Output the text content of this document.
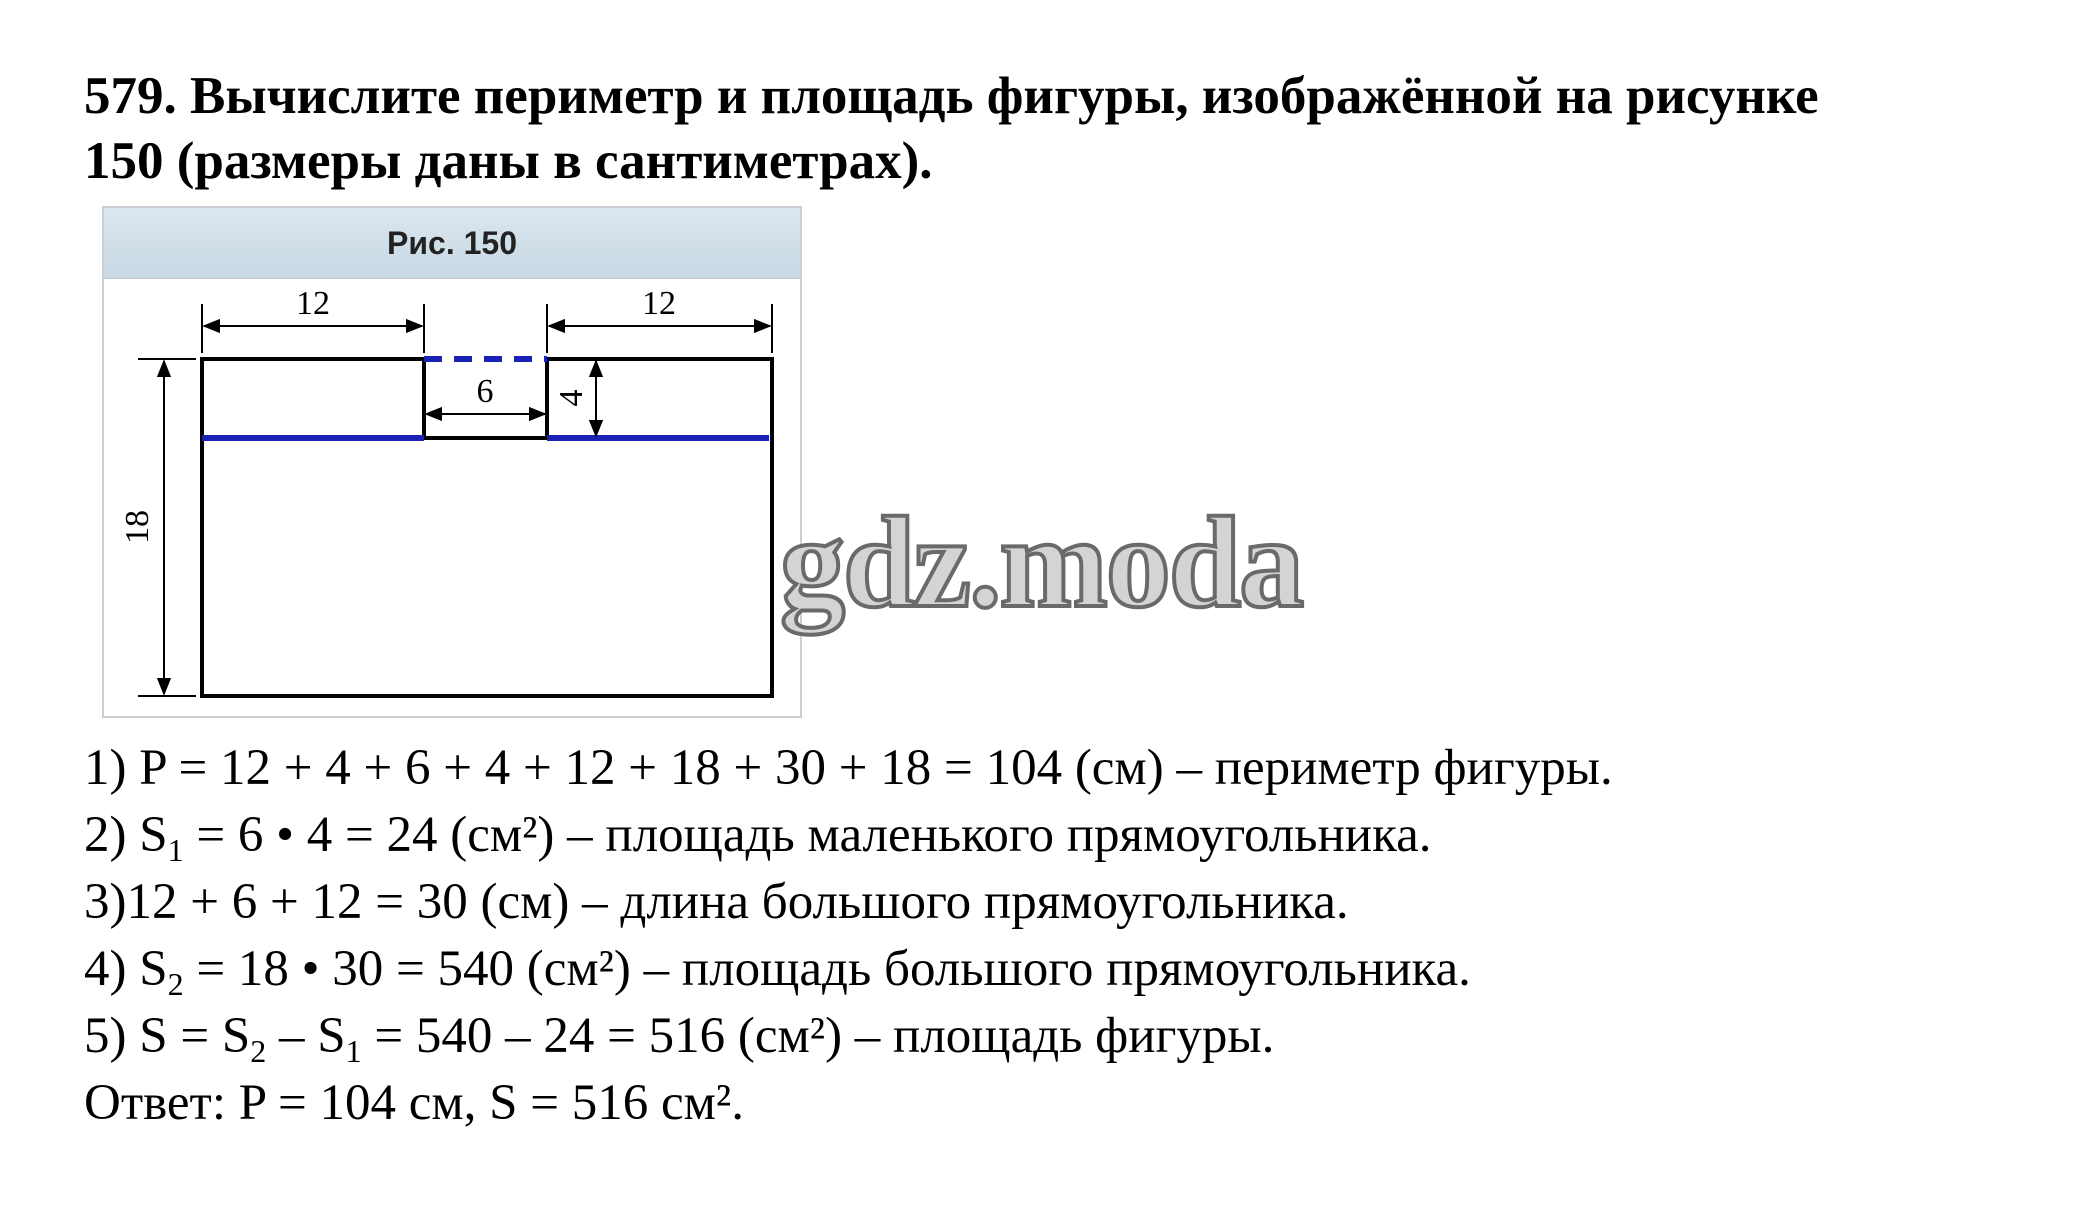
579. Вычислите периметр и площадь фигуры, изображённой на рисунке
150 (размеры даны в сантиметрах).
Рис. 150
12	12
6 4
18	gdz.moda
1) P = 12 + 4 + 6 + 4 + 12 + 18 + 30 + 18 = 104 (см) – периметр фигуры.
2) $S_1 = 6$ • 4 = 24 (см²) – площадь маленького прямоугольника.
3)12 + 6 + 12 = 30 (см) – длина большого прямоугольника.
4) $S_2 = 18$ • 30 = 540 (см²) – площадь большого прямоугольника.
5) $S = S_2 - S_1 = 540 - 24 = 516$ (см²) – площадь фигуры.
Ответ: P = 104 см, S = 516 см².
